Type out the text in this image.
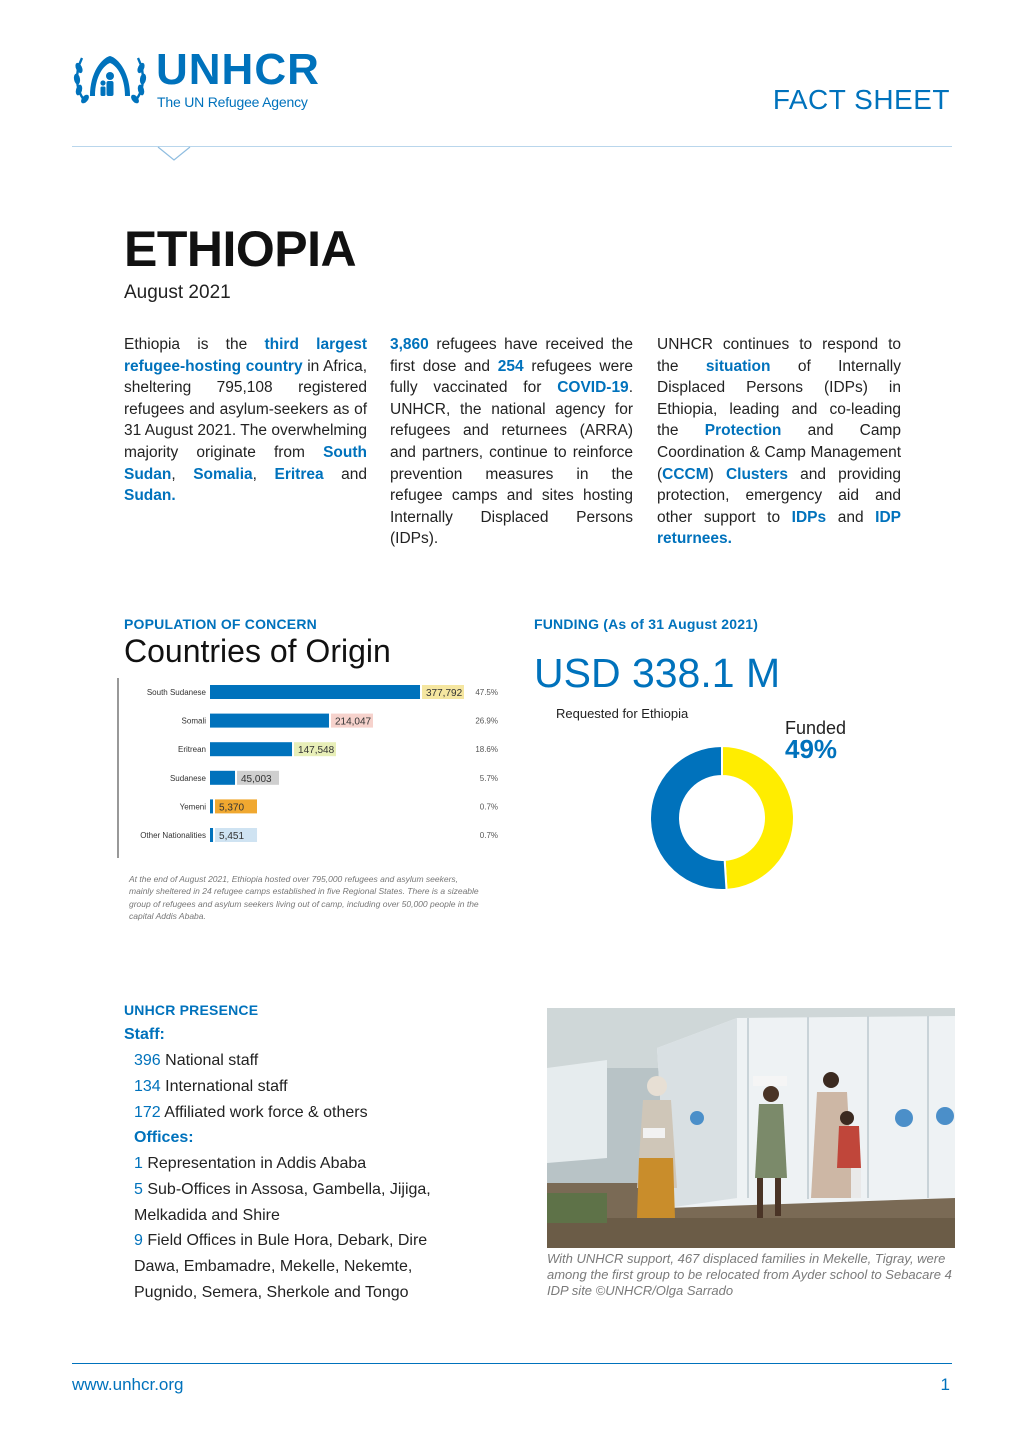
UNHCR
The UN Refugee Agency	FACT SHEET
ETHIOPIA
August 2021
Ethiopia is the third largest refugee-hosting country in Africa, sheltering 795,108 registered refugees and asylum-seekers as of 31 August 2021. The overwhelming majority originate from South Sudan, Somalia, Eritrea and Sudan.
3,860 refugees have received the first dose and 254 refugees were fully vaccinated for COVID-19. UNHCR, the national agency for refugees and returnees (ARRA) and partners, continue to reinforce prevention measures in the refugee camps and sites hosting Internally Displaced Persons (IDPs).
UNHCR continues to respond to the situation of Internally Displaced Persons (IDPs) in Ethiopia, leading and co-leading the Protection and Camp Coordination & Camp Management (CCCM) Clusters and providing protection, emergency aid and other support to IDPs and IDP returnees.
POPULATION OF CONCERN
Countries of Origin
South Sudanese	377,792 47.5%
Somali	214,047	26.9%
Eritrean	147,548	18.6%
Sudanese	45,003	5.7%
Yemeni 5,370	0.7%
Other Nationalities 5,451	0.7%
At the end of August 2021, Ethiopia hosted over 795,000 refugees and asylum seekers, mainly sheltered in 24 refugee camps established in five Regional States. There is a sizeable group of refugees and asylum seekers living out of camp, including over 50,000 people in the capital Addis Ababa.
FUNDING (As of 31 August 2021)
USD 338.1 M
Requested for Ethiopia
Funded
49%
UNHCR PRESENCE
Staff:
396 National staff
134 International staff
172 Affiliated work force & others
Offices:
1 Representation in Addis Ababa
5 Sub-Offices in Assosa, Gambella, Jijiga, Melkadida and Shire
9 Field Offices in Bule Hora, Debark, Dire Dawa, Embamadre, Mekelle, Nekemte, Pugnido, Semera, Sherkole and Tongo
With UNHCR support, 467 displaced families in Mekelle, Tigray, were among the first group to be relocated from Ayder school to Sebacare 4 IDP site ©UNHCR/Olga Sarrado
www.unhcr.org	1
